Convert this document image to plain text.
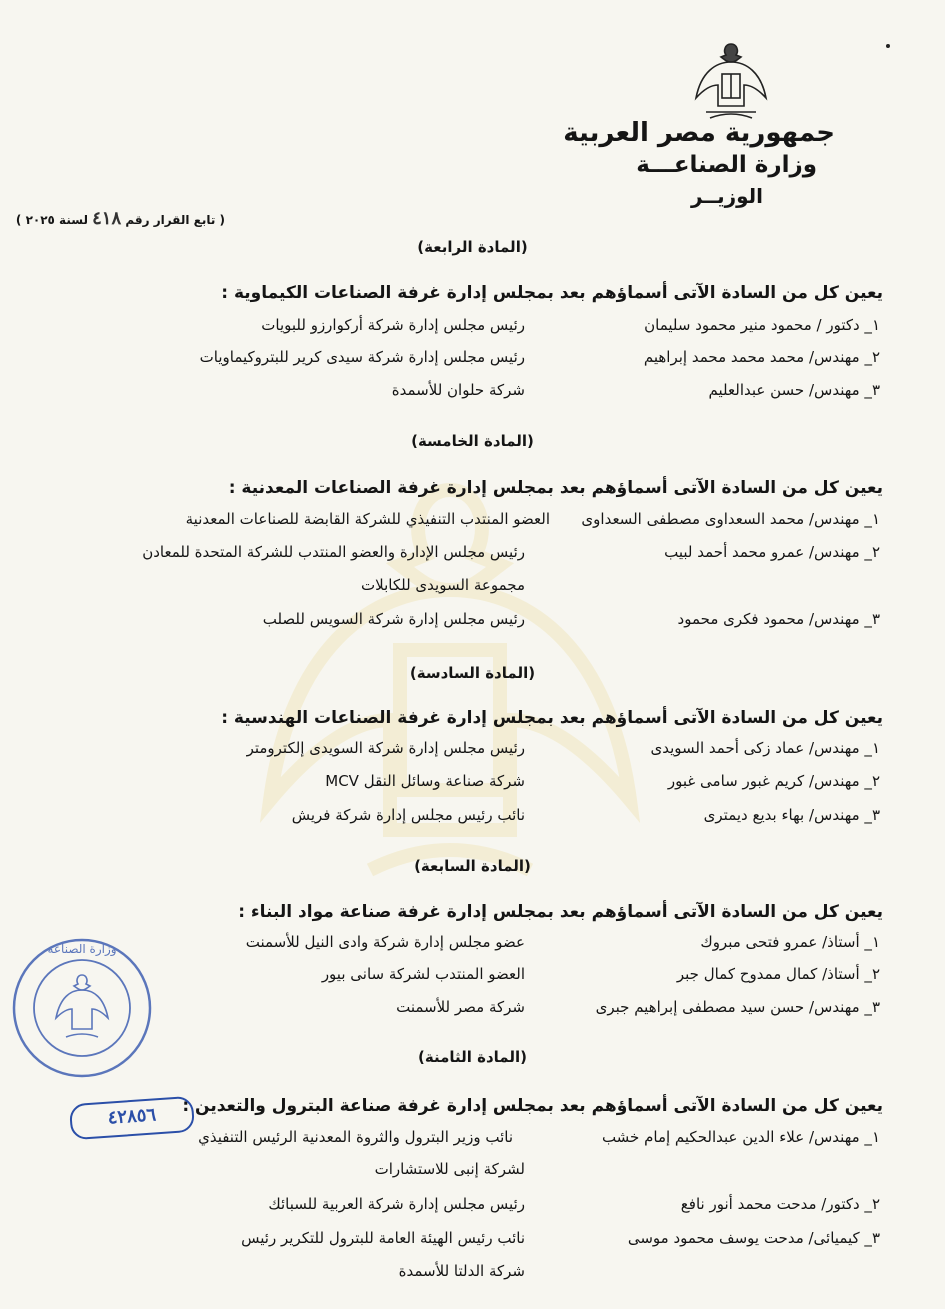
جمهورية مصر العربية
وزارة الصناعـــة
الوزيــر
( تابع القرار رقم ٤١٨ لسنة ٢٠٢٥ )
(المادة الرابعة)
يعين كل من السادة الآتى أسماؤهم بعد بمجلس إدارة غرفة الصناعات الكيماوية :
١_ دكتور / محمود منير محمود سليمان
رئيس مجلس إدارة شركة أركوارزو للبويات
٢_ مهندس/ محمد محمد محمد إبراهيم
رئيس مجلس إدارة شركة سيدى كرير للبتروكيماويات
٣_ مهندس/ حسن عبدالعليم
شركة حلوان للأسمدة
(المادة الخامسة)
يعين كل من السادة الآتى أسماؤهم بعد بمجلس إدارة غرفة الصناعات المعدنية :
١_ مهندس/ محمد السعداوى مصطفى السعداوى
العضو المنتدب التنفيذي للشركة القابضة للصناعات المعدنية
٢_ مهندس/ عمرو محمد أحمد لبيب
رئيس مجلس الإدارة والعضو المنتدب للشركة المتحدة للمعادن
مجموعة السويدى للكابلات
٣_ مهندس/ محمود فكرى محمود
رئيس مجلس إدارة شركة السويس للصلب
(المادة السادسة)
يعين كل من السادة الآتى أسماؤهم بعد بمجلس إدارة غرفة الصناعات الهندسية :
١_ مهندس/ عماد زكى أحمد السويدى
رئيس مجلس إدارة شركة السويدى إلكترومتر
٢_ مهندس/ كريم غبور سامى غبور
شركة صناعة وسائل النقل MCV
٣_ مهندس/ بهاء بديع ديمترى
نائب رئيس مجلس إدارة شركة فريش
(المادة السابعة)
يعين كل من السادة الآتى أسماؤهم بعد بمجلس إدارة غرفة صناعة مواد البناء :
١_ أستاذ/ عمرو فتحى مبروك
عضو مجلس إدارة شركة وادى النيل للأسمنت
٢_ أستاذ/ كمال ممدوح كمال جبر
العضو المنتدب لشركة سانى بيور
٣_ مهندس/ حسن سيد مصطفى إبراهيم جبرى
شركة مصر للأسمنت
(المادة الثامنة)
يعين كل من السادة الآتى أسماؤهم بعد بمجلس إدارة غرفة صناعة البترول والتعدين :
١_ مهندس/ علاء الدين عبدالحكيم إمام خشب
نائب وزير البترول والثروة المعدنية الرئيس التنفيذي
لشركة إنبى للاستشارات
٢_ دكتور/ مدحت محمد أنور نافع
رئيس مجلس إدارة شركة العربية للسبائك
٣_ كيميائى/ مدحت يوسف محمود موسى
نائب رئيس الهيئة العامة للبترول للتكرير رئيس
شركة الدلتا للأسمدة
وزارة الصناعة
٤٢٨٥٦
